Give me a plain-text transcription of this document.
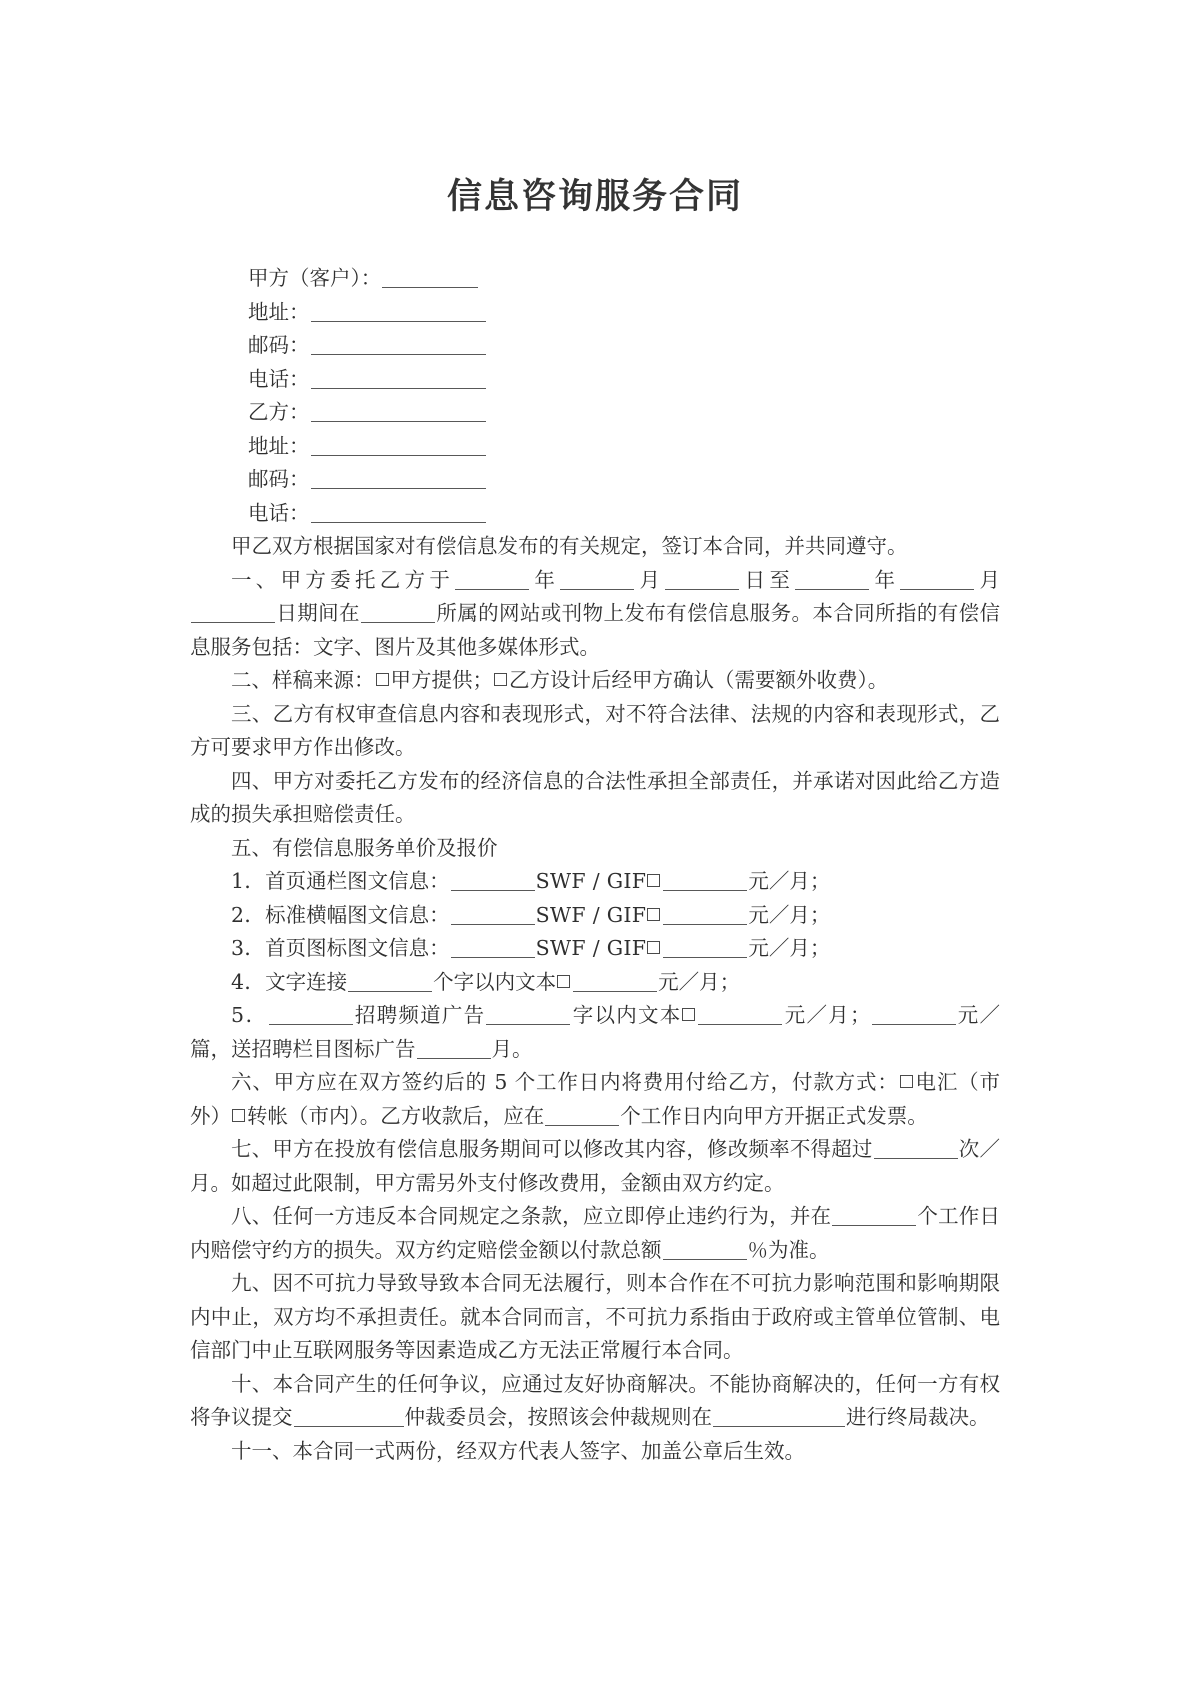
信息咨询服务合同
甲方（客户）：
地址：
邮码：
电话：
乙方：
地址：
邮码：
电话：

甲乙双方根据国家对有偿信息发布的有关规定，签订本合同，并共同遵守。

一、甲方委托乙方于	年	月	日至	年	月日期间在	所属的网站或刊物上发布有偿信息服务。本合同所指的有偿信息服务包括：文字、图片及其他多媒体形式。

二、样稿来源： 甲方提供； 乙方设计后经甲方确认（需要额外收费）。

三、乙方有权审查信息内容和表现形式，对不符合法律、法规的内容和表现形式，乙方可要求甲方作出修改。

四、甲方对委托乙方发布的经济信息的合法性承担全部责任，并承诺对因此给乙方造成的损失承担赔偿责任。

五、有偿信息服务单价及报价

1．首页通栏图文信息：	SWF / GIF	元／月；

2．标准横幅图文信息：	SWF / GIF	元／月；

3．首页图标图文信息：	SWF / GIF	元／月；

4．文字连接	个字以内文本	元／月；

5．	招聘频道广告	字以内文本	元／月；	元／篇，送招聘栏目图标广告	月。

六、甲方应在双方签约后的 5 个工作日内将费用付给乙方，付款方式： 电汇（市外） 转帐（市内）。乙方收款后，应在	个工作日内向甲方开据正式发票。

七、甲方在投放有偿信息服务期间可以修改其内容，修改频率不得超过	次／月。如超过此限制，甲方需另外支付修改费用，金额由双方约定。

八、任何一方违反本合同规定之条款，应立即停止违约行为，并在	个工作日内赔偿守约方的损失。双方约定赔偿金额以付款总额	％为准。

九、因不可抗力导致导致本合同无法履行，则本合作在不可抗力影响范围和影响期限内中止，双方均不承担责任。就本合同而言，不可抗力系指由于政府或主管单位管制、电信部门中止互联网服务等因素造成乙方无法正常履行本合同。

十、本合同产生的任何争议，应通过友好协商解决。不能协商解决的，任何一方有权将争议提交	仲裁委员会，按照该会仲裁规则在	进行终局裁决。

十一、本合同一式两份，经双方代表人签字、加盖公章后生效。
